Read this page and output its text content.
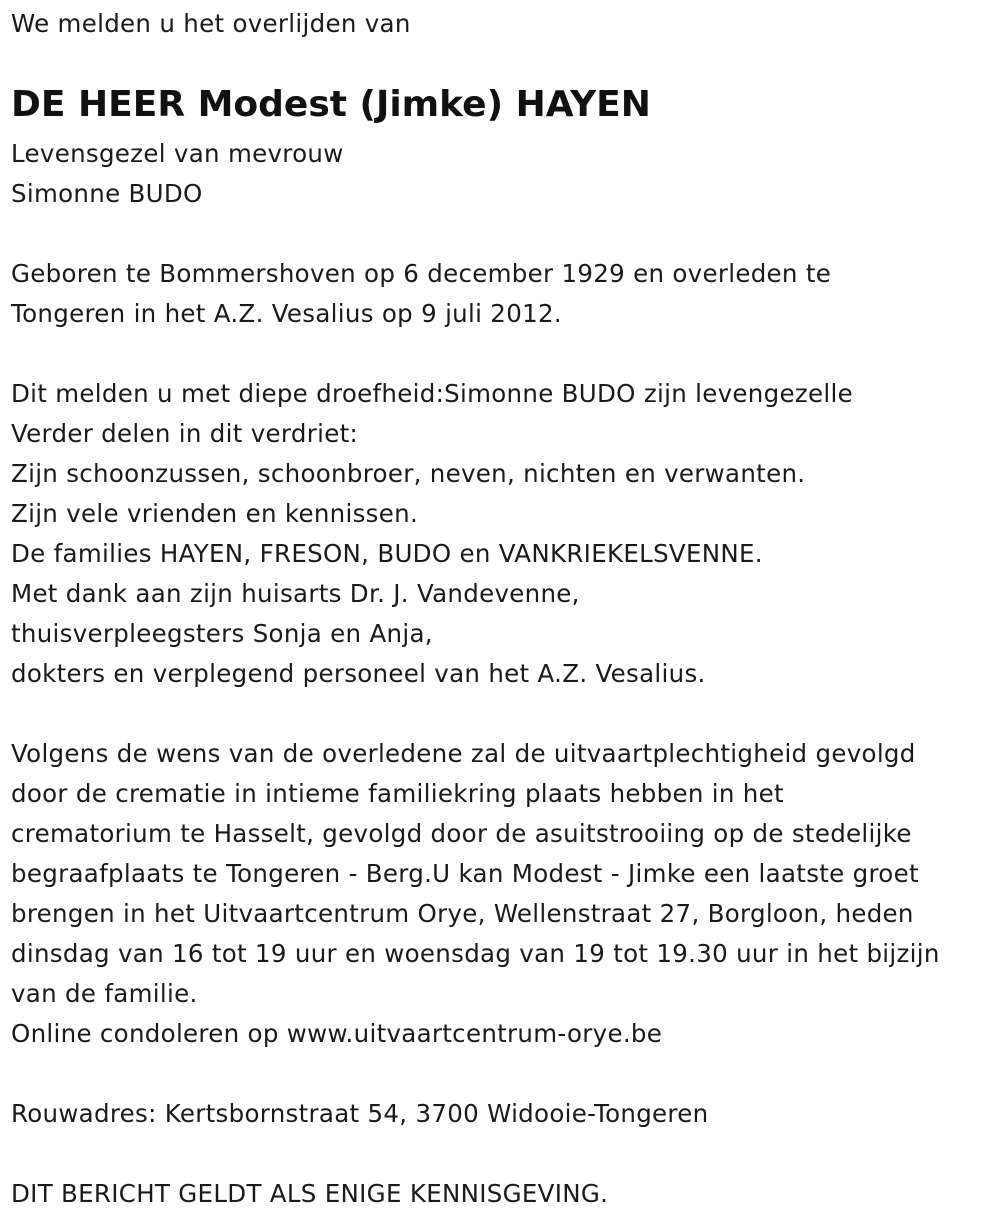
We melden u het overlijden van
DE HEER Modest (Jimke) HAYEN
Levensgezel van mevrouw
Simonne BUDO
Geboren te Bommershoven op 6 december 1929 en overleden te
Tongeren in het A.Z. Vesalius op 9 juli 2012.
Dit melden u met diepe droefheid:Simonne BUDO zijn levengezelle
Verder delen in dit verdriet:
Zijn schoonzussen, schoonbroer, neven, nichten en verwanten.
Zijn vele vrienden en kennissen.
De families HAYEN, FRESON, BUDO en VANKRIEKELSVENNE.
Met dank aan zijn huisarts Dr. J. Vandevenne,
thuisverpleegsters Sonja en Anja,
dokters en verplegend personeel van het A.Z. Vesalius.
Volgens de wens van de overledene zal de uitvaartplechtigheid gevolgd
door de crematie in intieme familiekring plaats hebben in het
crematorium te Hasselt, gevolgd door de asuitstrooiing op de stedelijke
begraafplaats te Tongeren - Berg.U kan Modest - Jimke een laatste groet
brengen in het Uitvaartcentrum Orye, Wellenstraat 27, Borgloon, heden
dinsdag van 16 tot 19 uur en woensdag van 19 tot 19.30 uur in het bijzijn
van de familie.
Online condoleren op www.uitvaartcentrum-orye.be
Rouwadres: Kertsbornstraat 54, 3700 Widooie-Tongeren
DIT BERICHT GELDT ALS ENIGE KENNISGEVING.
